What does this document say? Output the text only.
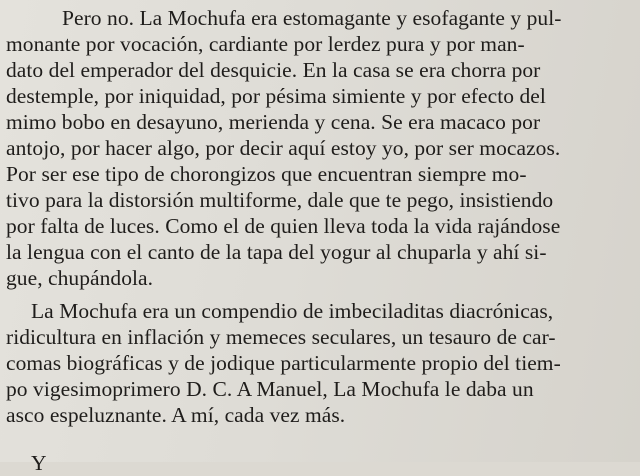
Pero no. La Mochufa era estomagante y esofagante y pul-
monante por vocación, cardiante por lerdez pura y por man-
dato del emperador del desquicie. En la casa se era chorra por
destemple, por iniquidad, por pésima simiente y por efecto del
mimo bobo en desayuno, merienda y cena. Se era macaco por
antojo, por hacer algo, por decir aquí estoy yo, por ser mocazos.
Por ser ese tipo de chorongizos que encuentran siempre mo-
tivo para la distorsión multiforme, dale que te pego, insistiendo
por falta de luces. Como el de quien lleva toda la vida rajándose
la lengua con el canto de la tapa del yogur al chuparla y ahí si-
gue, chupándola.
La Mochufa era un compendio de imbeciladitas diacrónicas,
ridicultura en inflación y memeces seculares, un tesauro de car-
comas biográficas y de jodique particularmente propio del tiem-
po vigesimoprimero D. C. A Manuel, La Mochufa le daba un
asco espeluznante. A mí, cada vez más.
Y
